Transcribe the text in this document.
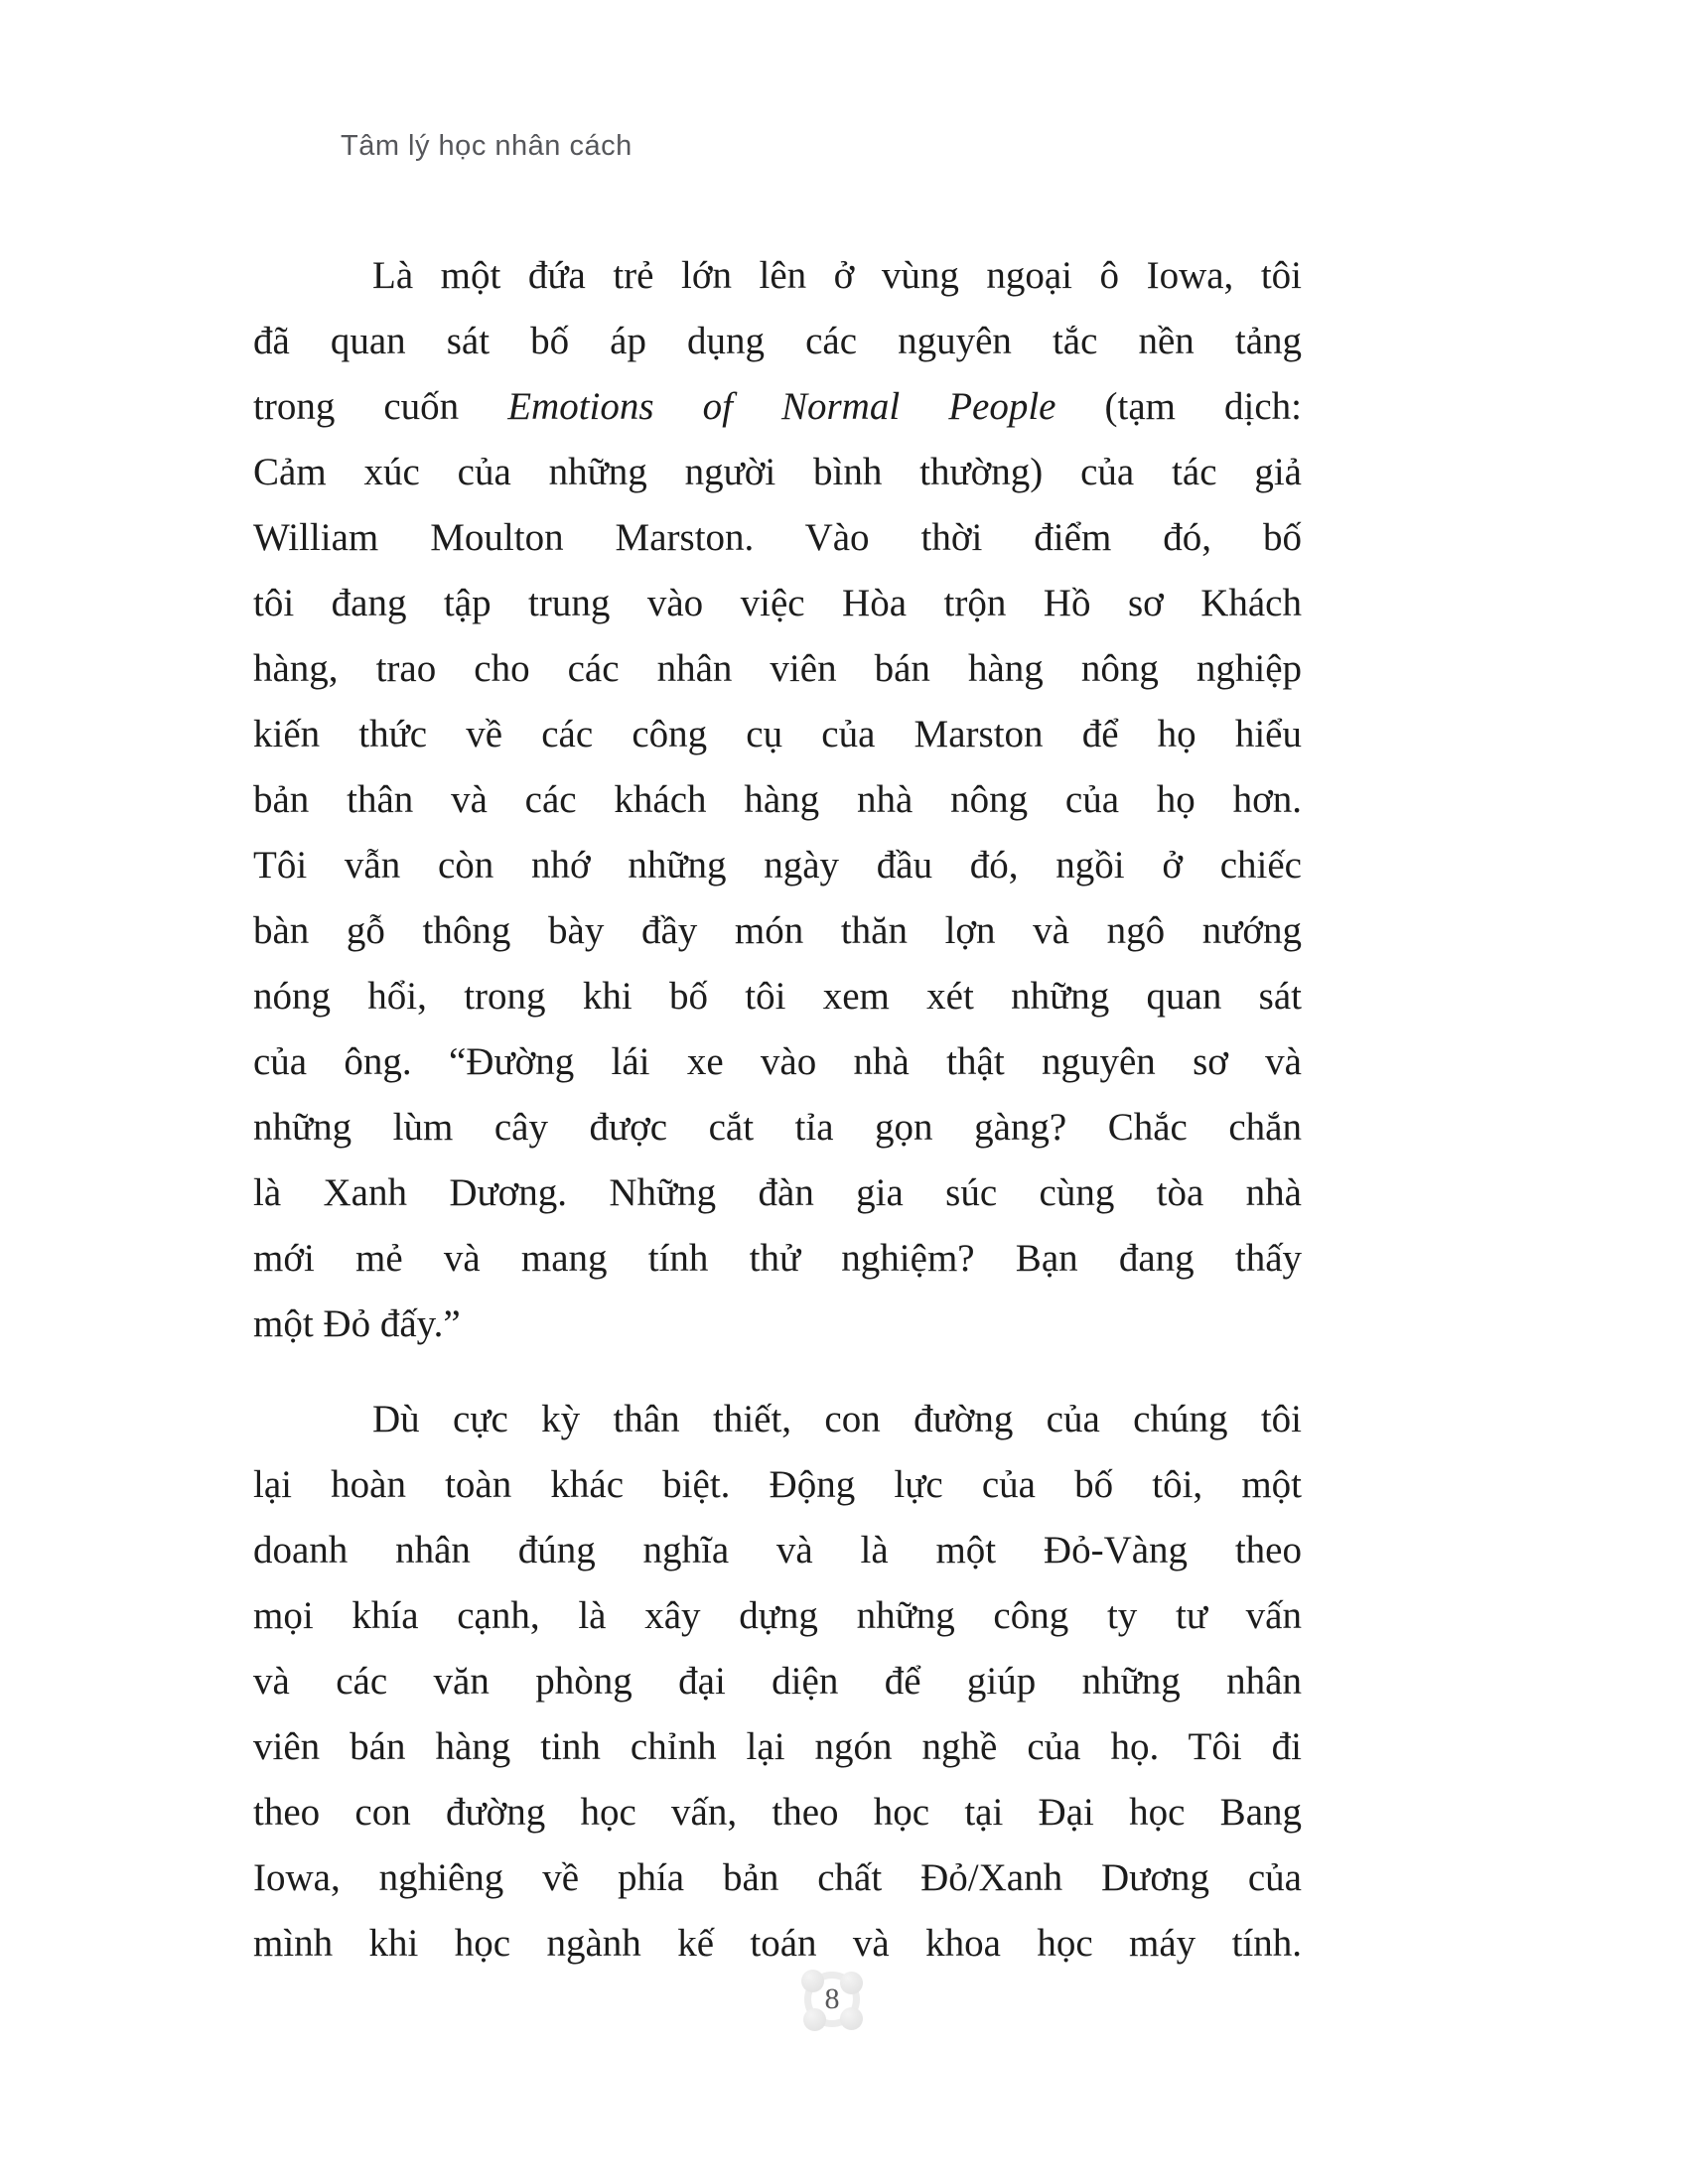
Tâm lý học nhân cách
Là một đứa trẻ lớn lên ở vùng ngoại ô Iowa, tôi
đã quan sát bố áp dụng các nguyên tắc nền tảng
trong cuốn Emotions of Normal People (tạm dịch:
Cảm xúc của những người bình thường) của tác giả
William Moulton Marston. Vào thời điểm đó, bố
tôi đang tập trung vào việc Hòa trộn Hồ sơ Khách
hàng, trao cho các nhân viên bán hàng nông nghiệp
kiến thức về các công cụ của Marston để họ hiểu
bản thân và các khách hàng nhà nông của họ hơn.
Tôi vẫn còn nhớ những ngày đầu đó, ngồi ở chiếc
bàn gỗ thông bày đầy món thăn lợn và ngô nướng
nóng hổi, trong khi bố tôi xem xét những quan sát
của ông. “Đường lái xe vào nhà thật nguyên sơ và
những lùm cây được cắt tỉa gọn gàng? Chắc chắn
là Xanh Dương. Những đàn gia súc cùng tòa nhà
mới mẻ và mang tính thử nghiệm? Bạn đang thấy
một Đỏ đấy.”
Dù cực kỳ thân thiết, con đường của chúng tôi
lại hoàn toàn khác biệt. Động lực của bố tôi, một
doanh nhân đúng nghĩa và là một Đỏ-Vàng theo
mọi khía cạnh, là xây dựng những công ty tư vấn
và các văn phòng đại diện để giúp những nhân
viên bán hàng tinh chỉnh lại ngón nghề của họ. Tôi đi
theo con đường học vấn, theo học tại Đại học Bang
Iowa, nghiêng về phía bản chất Đỏ/Xanh Dương của
mình khi học ngành kế toán và khoa học máy tính.
8
